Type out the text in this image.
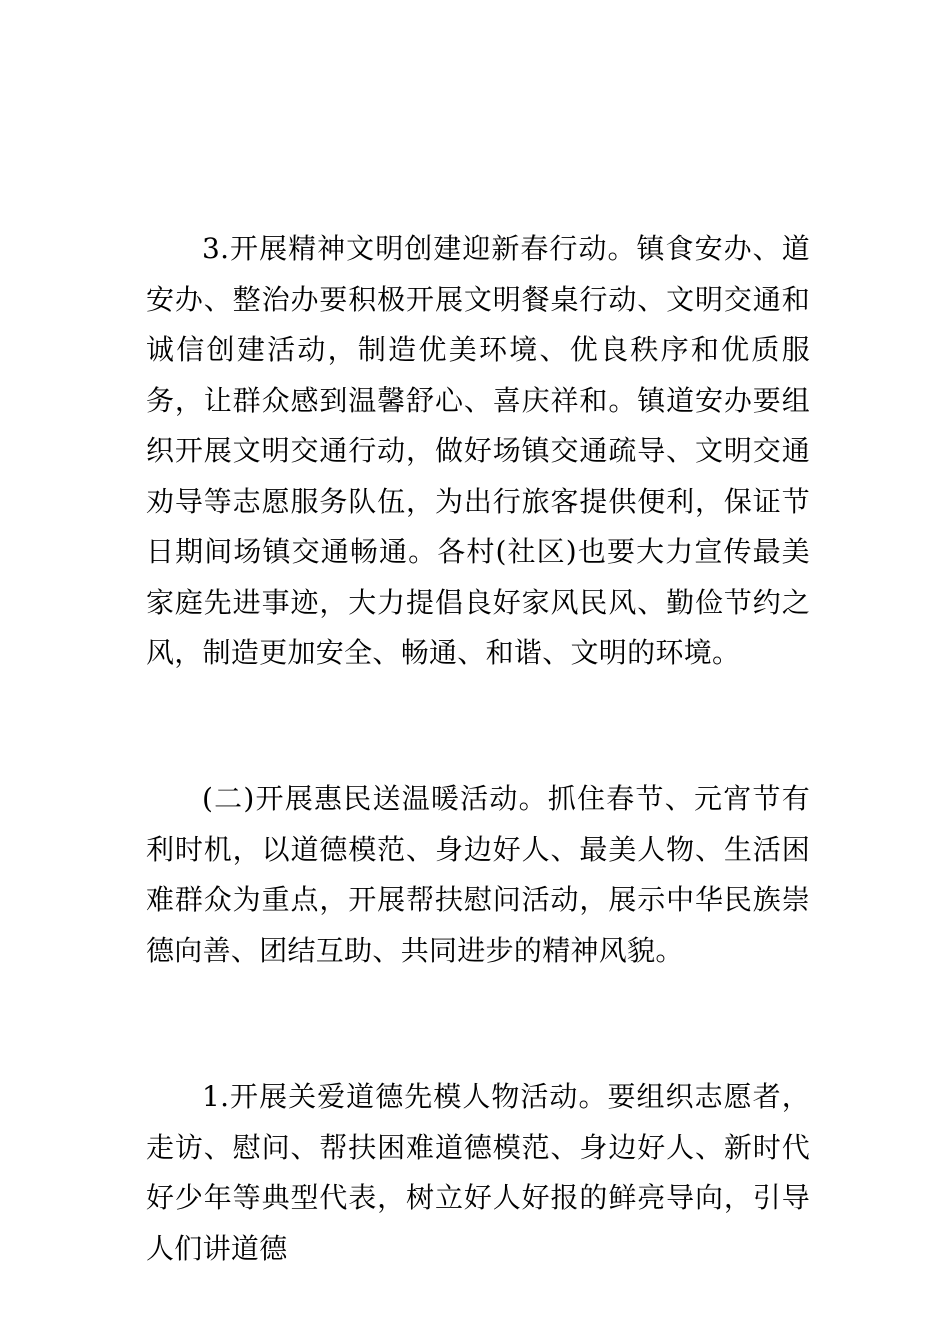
3.开展精神文明创建迎新春行动。镇食安办、道安办、整治办要积极开展文明餐桌行动、文明交通和诚信创建活动，制造优美环境、优良秩序和优质服务，让群众感到温馨舒心、喜庆祥和。镇道安办要组织开展文明交通行动，做好场镇交通疏导、文明交通劝导等志愿服务队伍，为出行旅客提供便利，保证节日期间场镇交通畅通。各村(社区)也要大力宣传最美家庭先进事迹，大力提倡良好家风民风、勤俭节约之风，制造更加安全、畅通、和谐、文明的环境。

(二)开展惠民送温暖活动。抓住春节、元宵节有利时机，以道德模范、身边好人、最美人物、生活困难群众为重点，开展帮扶慰问活动，展示中华民族崇德向善、团结互助、共同进步的精神风貌。

1.开展关爱道德先模人物活动。要组织志愿者，走访、慰问、帮扶困难道德模范、身边好人、新时代好少年等典型代表，树立好人好报的鲜亮导向，引导人们讲道德
